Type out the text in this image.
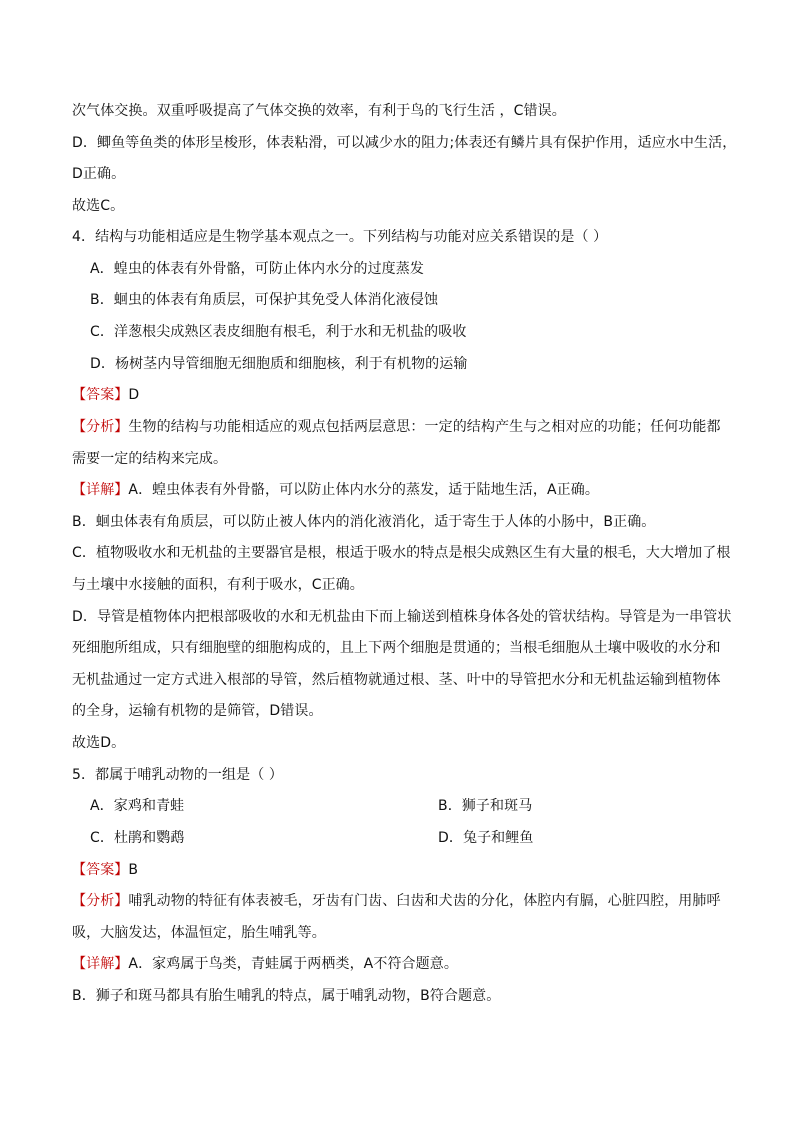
次气体交换。双重呼吸提高了气体交换的效率，有利于鸟的飞行生活 ，C错误。
D．鲫鱼等鱼类的体形呈梭形，体表粘滑，可以减少水的阻力;体表还有鳞片具有保护作用，适应水中生活，
D正确。
故选C。
4．结构与功能相适应是生物学基本观点之一。下列结构与功能对应关系错误的是（ ）
A．蝗虫的体表有外骨骼，可防止体内水分的过度蒸发
B．蛔虫的体表有角质层，可保护其免受人体消化液侵蚀
C．洋葱根尖成熟区表皮细胞有根毛，利于水和无机盐的吸收
D．杨树茎内导管细胞无细胞质和细胞核，利于有机物的运输
【答案】D
【分析】生物的结构与功能相适应的观点包括两层意思：一定的结构产生与之相对应的功能；任何功能都
需要一定的结构来完成。
【详解】A．蝗虫体表有外骨骼，可以防止体内水分的蒸发，适于陆地生活，A正确。
B．蛔虫体表有角质层，可以防止被人体内的消化液消化，适于寄生于人体的小肠中，B正确。
C．植物吸收水和无机盐的主要器官是根，根适于吸水的特点是根尖成熟区生有大量的根毛，大大增加了根
与土壤中水接触的面积，有利于吸水，C正确。
D．导管是植物体内把根部吸收的水和无机盐由下而上输送到植株身体各处的管状结构。导管是为一串管状
死细胞所组成，只有细胞壁的细胞构成的，且上下两个细胞是贯通的；当根毛细胞从土壤中吸收的水分和
无机盐通过一定方式进入根部的导管，然后植物就通过根、茎、叶中的导管把水分和无机盐运输到植物体
的全身，运输有机物的是筛管，D错误。
故选D。
5．都属于哺乳动物的一组是（ ）
A．家鸡和青蛙	B．狮子和斑马
C．杜鹃和鹦鹉	D．兔子和鲤鱼
【答案】B
【分析】哺乳动物的特征有体表被毛，牙齿有门齿、臼齿和犬齿的分化，体腔内有膈，心脏四腔，用肺呼
吸，大脑发达，体温恒定，胎生哺乳等。
【详解】A．家鸡属于鸟类，青蛙属于两栖类，A不符合题意。
B．狮子和斑马都具有胎生哺乳的特点，属于哺乳动物，B符合题意。
